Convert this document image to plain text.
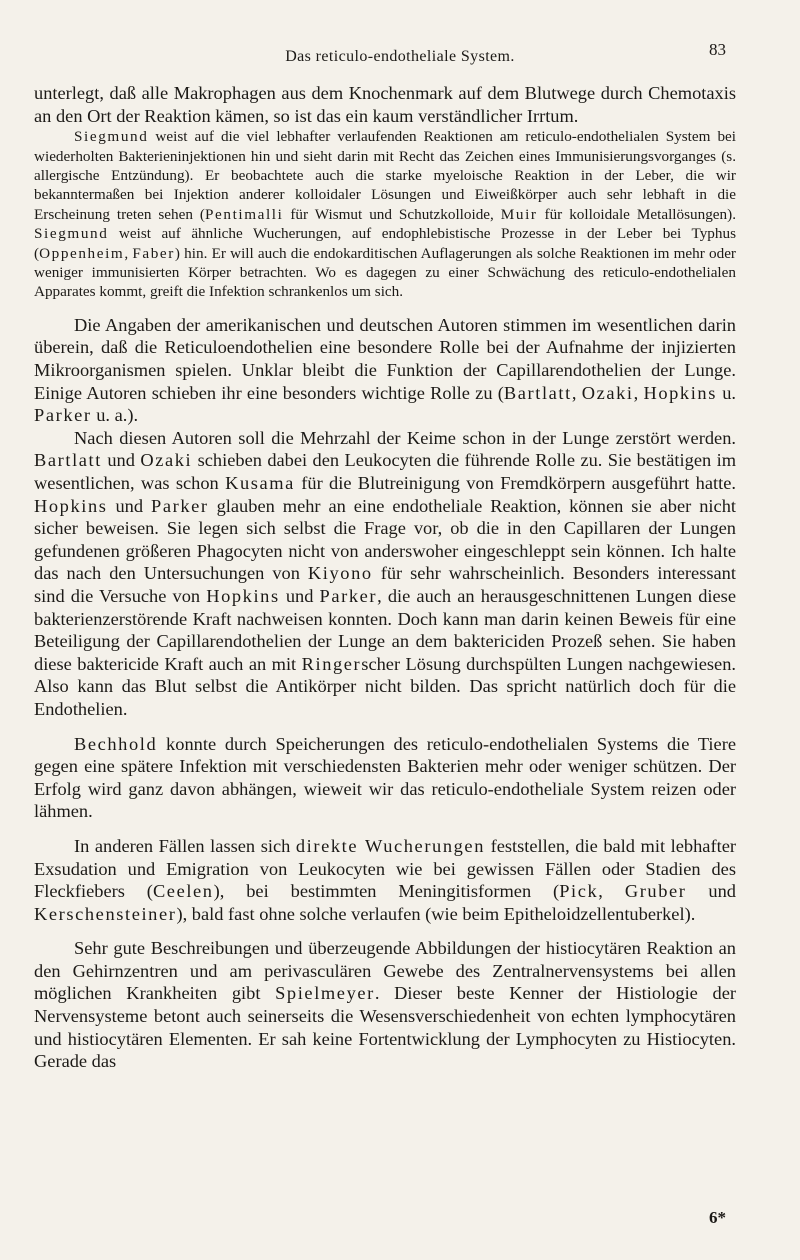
Das reticulo-endotheliale System.	83

unterlegt, daß alle Makrophagen aus dem Knochenmark auf dem Blutwege durch Chemotaxis an den Ort der Reaktion kämen, so ist das ein kaum verständlicher Irrtum.

Siegmund weist auf die viel lebhafter verlaufenden Reaktionen am reticulo-endothelialen System bei wiederholten Bakterieninjektionen hin und sieht darin mit Recht das Zeichen eines Immunisierungsvorganges (s. allergische Entzündung). Er beobachtete auch die starke myeloische Reaktion in der Leber, die wir bekanntermaßen bei Injektion anderer kolloidaler Lösungen und Eiweißkörper auch sehr lebhaft in die Erscheinung treten sehen (Pentimalli für Wismut und Schutzkolloide, Muir für kolloidale Metallösungen). Siegmund weist auf ähnliche Wucherungen, auf endophlebistische Prozesse in der Leber bei Typhus (Oppenheim, Faber) hin. Er will auch die endokarditischen Auflagerungen als solche Reaktionen im mehr oder weniger immunisierten Körper betrachten. Wo es dagegen zu einer Schwächung des reticulo-endothelialen Apparates kommt, greift die Infektion schrankenlos um sich.

Die Angaben der amerikanischen und deutschen Autoren stimmen im wesentlichen darin überein, daß die Reticuloendothelien eine besondere Rolle bei der Aufnahme der injizierten Mikroorganismen spielen. Unklar bleibt die Funktion der Capillarendothelien der Lunge. Einige Autoren schieben ihr eine besonders wichtige Rolle zu (Bartlatt, Ozaki, Hopkins u. Parker u. a.).

Nach diesen Autoren soll die Mehrzahl der Keime schon in der Lunge zerstört werden. Bartlatt und Ozaki schieben dabei den Leukocyten die führende Rolle zu. Sie bestätigen im wesentlichen, was schon Kusama für die Blutreinigung von Fremdkörpern ausgeführt hatte. Hopkins und Parker glauben mehr an eine endotheliale Reaktion, können sie aber nicht sicher beweisen. Sie legen sich selbst die Frage vor, ob die in den Capillaren der Lungen gefundenen größeren Phagocyten nicht von anderswoher eingeschleppt sein können. Ich halte das nach den Untersuchungen von Kiyono für sehr wahrscheinlich. Besonders interessant sind die Versuche von Hopkins und Parker, die auch an herausgeschnittenen Lungen diese bakterienzerstörende Kraft nachweisen konnten. Doch kann man darin keinen Beweis für eine Beteiligung der Capillarendothelien der Lunge an dem baktericiden Prozeß sehen. Sie haben diese baktericide Kraft auch an mit Ringerscher Lösung durchspülten Lungen nachgewiesen. Also kann das Blut selbst die Antikörper nicht bilden. Das spricht natürlich doch für die Endothelien.

Bechhold konnte durch Speicherungen des reticulo-endothelialen Systems die Tiere gegen eine spätere Infektion mit verschiedensten Bakterien mehr oder weniger schützen. Der Erfolg wird ganz davon abhängen, wieweit wir das reticulo-endotheliale System reizen oder lähmen.

In anderen Fällen lassen sich direkte Wucherungen feststellen, die bald mit lebhafter Exsudation und Emigration von Leukocyten wie bei gewissen Fällen oder Stadien des Fleckfiebers (Ceelen), bei bestimmten Meningitisformen (Pick, Gruber und Kerschensteiner), bald fast ohne solche verlaufen (wie beim Epitheloidzellentuberkel).

Sehr gute Beschreibungen und überzeugende Abbildungen der histiocytären Reaktion an den Gehirnzentren und am perivasculären Gewebe des Zentralnervensystems bei allen möglichen Krankheiten gibt Spielmeyer. Dieser beste Kenner der Histiologie der Nervensysteme betont auch seinerseits die Wesensverschiedenheit von echten lymphocytären und histiocytären Elementen. Er sah keine Fortentwicklung der Lymphocyten zu Histiocyten. Gerade das

6*
